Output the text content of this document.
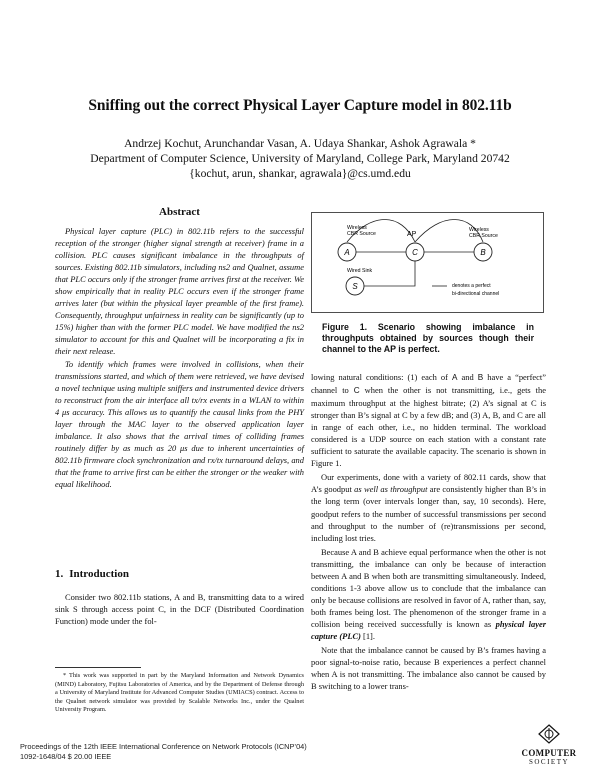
Sniffing out the correct Physical Layer Capture model in 802.11b
Andrzej Kochut, Arunchandar Vasan, A. Udaya Shankar, Ashok Agrawala *
Department of Computer Science, University of Maryland, College Park, Maryland 20742
{kochut, arun, shankar, agrawala}@cs.umd.edu
Abstract

Physical layer capture (PLC) in 802.11b refers to the successful reception of the stronger (higher signal strength at receiver) frame in a collision. PLC causes significant imbalance in the throughputs of sources. Existing 802.11b simulators, including ns2 and Qualnet, assume that PLC occurs only if the stronger frame arrives first at the receiver. We show empirically that in reality PLC occurs even if the stronger frame arrives later (but within the physical layer preamble of the first frame). Consequently, throughput unfairness in reality can be significantly (up to 15%) higher than with the former PLC model. We have modified the ns2 simulator to account for this and Qualnet will be incorporating a fix in their next release.

To identify which frames were involved in collisions, when their transmissions started, and which of them were retrieved, we have devised a novel technique using multiple sniffers and instrumented device drivers to reconstruct from the air interface all tx/rx events in a WLAN to within 4 μs accuracy. This allows us to quantify the causal links from the PHY layer through the MAC layer to the observed application layer imbalance. It also shows that the arrival times of colliding frames routinely differ by as much as 20 μs due to inherent uncertainties of 802.11b firmware clock synchronization and rx/tx turnaround delays, and that the frame to arrive first can be either the stronger or the weaker with equal likelihood.

1. Introduction

Consider two 802.11b stations, A and B, transmitting data to a wired sink S through access point C, in the DCF (Distributed Coordination Function) mode under the fol-

* This work was supported in part by the Maryland Information and Network Dynamics (MIND) Laboratory, Fujitsu Laboratories of America, and by the Department of Defense through a University of Maryland Institute for Advanced Computer Studies (UMIACS) contract. Access to the Qualnet network simulator was provided by Scalable Networks Inc., under the Qualnet University Program.
A	C	B
S
Wireless
CBR Source	AP
Wireless
CBR Source
Wired Sink
denotes a perfect
bi-directional channel
Figure 1. Scenario showing imbalance in throughputs obtained by sources though their channel to the AP is perfect.

lowing natural conditions: (1) each of A and B have a “perfect” channel to C when the other is not transmitting, i.e., gets the maximum throughput at the highest bitrate; (2) A’s signal at C is stronger than B’s signal at C by a few dB; and (3) A, B, and C are all in range of each other, i.e., no hidden terminal. The workload considered is a UDP source on each station with a constant rate sufficient to saturate the available capacity. The scenario is shown in Figure 1.

Our experiments, done with a variety of 802.11 cards, show that A’s goodput as well as throughput are consistently higher than B’s in the long term (over intervals longer than, say, 10 seconds). Here, goodput refers to the number of successful transmissions per second and throughput to the number of (re)transmissions per second, including lost tries.

Because A and B achieve equal performance when the other is not transmitting, the imbalance can only be because of interaction between A and B when both are transmitting simultaneously. Indeed, conditions 1-3 above allow us to conclude that the imbalance can only be because collisions are resolved in favor of A, rather than, say, both frames being lost. The phenomenon of the stronger frame in a collision being received successfully is known as physical layer capture (PLC) [1].

Note that the imbalance cannot be caused by B’s frames having a poor signal-to-noise ratio, because B experiences a perfect channel when A is not transmitting. The imbalance also cannot be caused by B switching to a lower trans-

Proceedings of the 12th IEEE International Conference on Network Protocols (ICNP’04)
1092-1648/04 $ 20.00 IEEE	COMPUTER
SOCIETY
